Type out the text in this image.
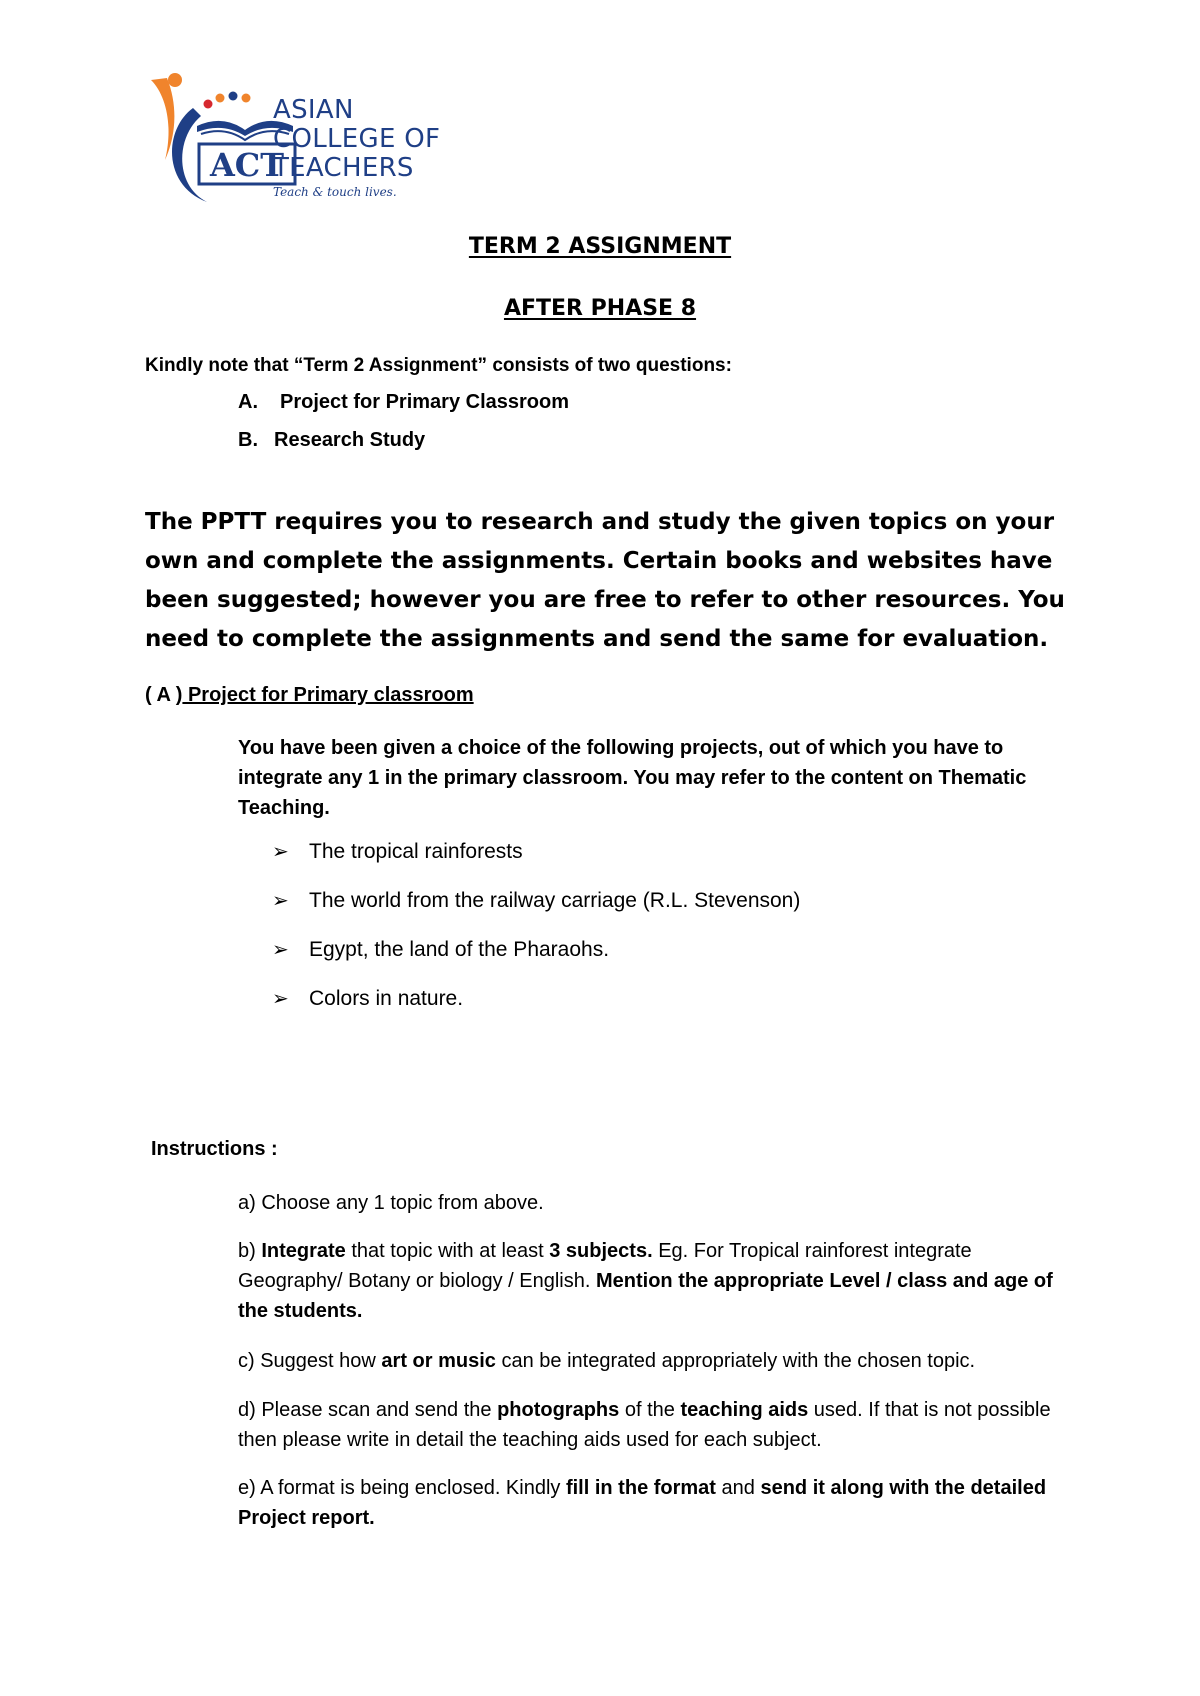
ACT
ASIAN
COLLEGE OF
TEACHERS
Teach & touch lives.
TERM 2 ASSIGNMENT
AFTER PHASE 8
Kindly note that “Term 2 Assignment” consists of two questions:
A. Project for Primary Classroom
B. Research Study
The PPTT requires you to research and study the given topics on your own and complete the assignments. Certain books and websites have been suggested; however you are free to refer to other resources. You need to complete the assignments and send the same for evaluation.
( A ) Project for Primary classroom
You have been given a choice of the following projects, out of which you have to integrate any 1 in the primary classroom. You may refer to the content on Thematic Teaching.
➢ The tropical rainforests
➢ The world from the railway carriage (R.L. Stevenson)
➢ Egypt, the land of the Pharaohs.
➢ Colors in nature.
Instructions :
a) Choose any 1 topic from above.
b) Integrate that topic with at least 3 subjects. Eg. For Tropical rainforest integrate Geography/ Botany or biology / English. Mention the appropriate Level / class and age of the students.
c) Suggest how art or music can be integrated appropriately with the chosen topic.
d) Please scan and send the photographs of the teaching aids used. If that is not possible then please write in detail the teaching aids used for each subject.
e) A format is being enclosed. Kindly fill in the format and send it along with the detailed Project report.
